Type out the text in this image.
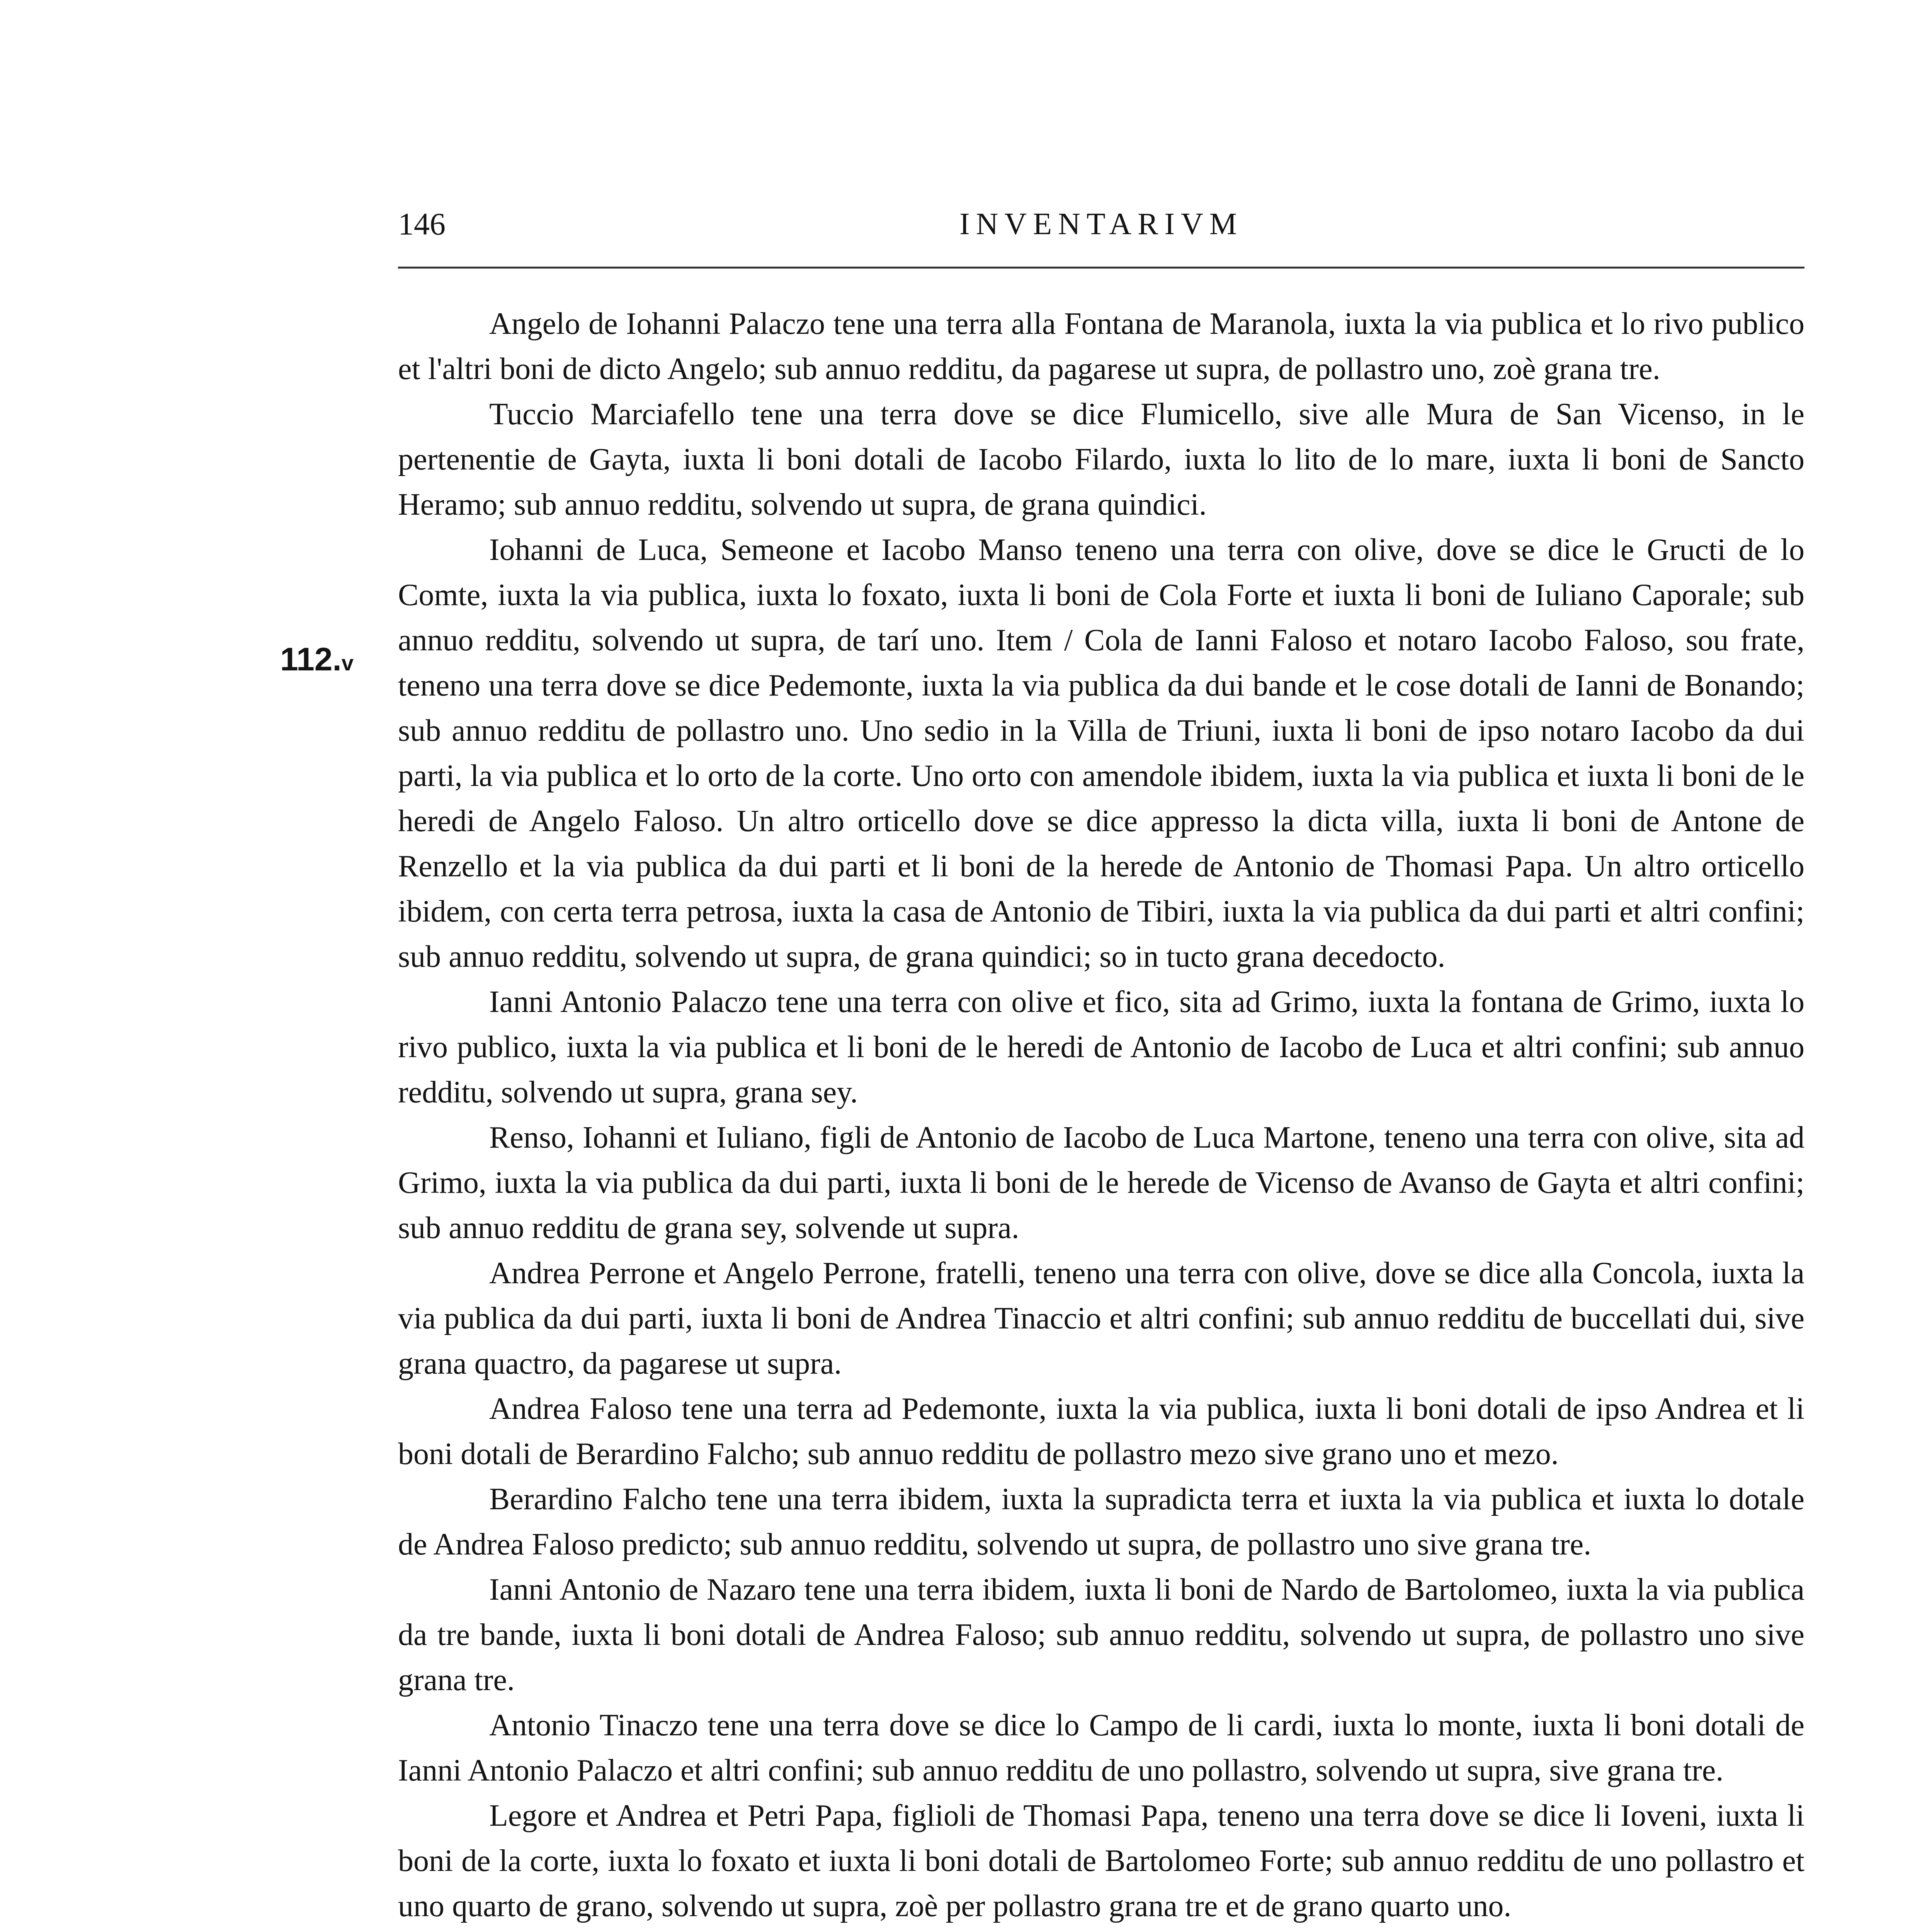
146	INVENTARIVM
112.v

Angelo de Iohanni Palaczo tene una terra alla Fontana de Maranola, iuxta la via publica et lo rivo publico et l'altri boni de dicto Angelo; sub annuo redditu, da pagarese ut supra, de pollastro uno, zoè grana tre.

Tuccio Marciafello tene una terra dove se dice Flumicello, sive alle Mura de San Vicenso, in le pertenentie de Gayta, iuxta li boni dotali de Iacobo Filardo, iuxta lo lito de lo mare, iuxta li boni de Sancto Heramo; sub annuo redditu, solvendo ut supra, de grana quindici.

Iohanni de Luca, Semeone et Iacobo Manso teneno una terra con olive, dove se dice le Gructi de lo Comte, iuxta la via publica, iuxta lo foxato, iuxta li boni de Cola Forte et iuxta li boni de Iuliano Caporale; sub annuo redditu, solvendo ut supra, de tarí uno. Item / Cola de Ianni Faloso et notaro Iacobo Faloso, sou frate, teneno una terra dove se dice Pedemonte, iuxta la via publica da dui bande et le cose dotali de Ianni de Bonando; sub annuo redditu de pollastro uno. Uno sedio in la Villa de Triuni, iuxta li boni de ipso notaro Iacobo da dui parti, la via publica et lo orto de la corte. Uno orto con amendole ibidem, iuxta la via publica et iuxta li boni de le heredi de Angelo Faloso. Un altro orticello dove se dice appresso la dicta villa, iuxta li boni de Antone de Renzello et la via publica da dui parti et li boni de la herede de Antonio de Thomasi Papa. Un altro orticello ibidem, con certa terra petrosa, iuxta la casa de Antonio de Tibiri, iuxta la via publica da dui parti et altri confini; sub annuo redditu, solvendo ut supra, de grana quindici; so in tucto grana decedocto.

Ianni Antonio Palaczo tene una terra con olive et fico, sita ad Grimo, iuxta la fontana de Grimo, iuxta lo rivo publico, iuxta la via publica et li boni de le heredi de Antonio de Iacobo de Luca et altri confini; sub annuo redditu, solvendo ut supra, grana sey.

Renso, Iohanni et Iuliano, figli de Antonio de Iacobo de Luca Martone, teneno una terra con olive, sita ad Grimo, iuxta la via publica da dui parti, iuxta li boni de le herede de Vicenso de Avanso de Gayta et altri confini; sub annuo redditu de grana sey, solvende ut supra.

Andrea Perrone et Angelo Perrone, fratelli, teneno una terra con olive, dove se dice alla Concola, iuxta la via publica da dui parti, iuxta li boni de Andrea Tinaccio et altri confini; sub annuo redditu de buccellati dui, sive grana quactro, da pagarese ut supra.

Andrea Faloso tene una terra ad Pedemonte, iuxta la via publica, iuxta li boni dotali de ipso Andrea et li boni dotali de Berardino Falcho; sub annuo redditu de pollastro mezo sive grano uno et mezo.

Berardino Falcho tene una terra ibidem, iuxta la supradicta terra et iuxta la via publica et iuxta lo dotale de Andrea Faloso predicto; sub annuo redditu, solvendo ut supra, de pollastro uno sive grana tre.

Ianni Antonio de Nazaro tene una terra ibidem, iuxta li boni de Nardo de Bartolomeo, iuxta la via publica da tre bande, iuxta li boni dotali de Andrea Faloso; sub annuo redditu, solvendo ut supra, de pollastro uno sive grana tre.

Antonio Tinaczo tene una terra dove se dice lo Campo de li cardi, iuxta lo monte, iuxta li boni dotali de Ianni Antonio Palaczo et altri confini; sub annuo redditu de uno pollastro, solvendo ut supra, sive grana tre.

Legore et Andrea et Petri Papa, figlioli de Thomasi Papa, teneno una terra dove se dice li Ioveni, iuxta li boni de la corte, iuxta lo foxato et iuxta li boni dotali de Bartolomeo Forte; sub annuo redditu de uno pollastro et uno quarto de grano, solvendo ut supra, zoè per pollastro grana tre et de grano quarto uno.
